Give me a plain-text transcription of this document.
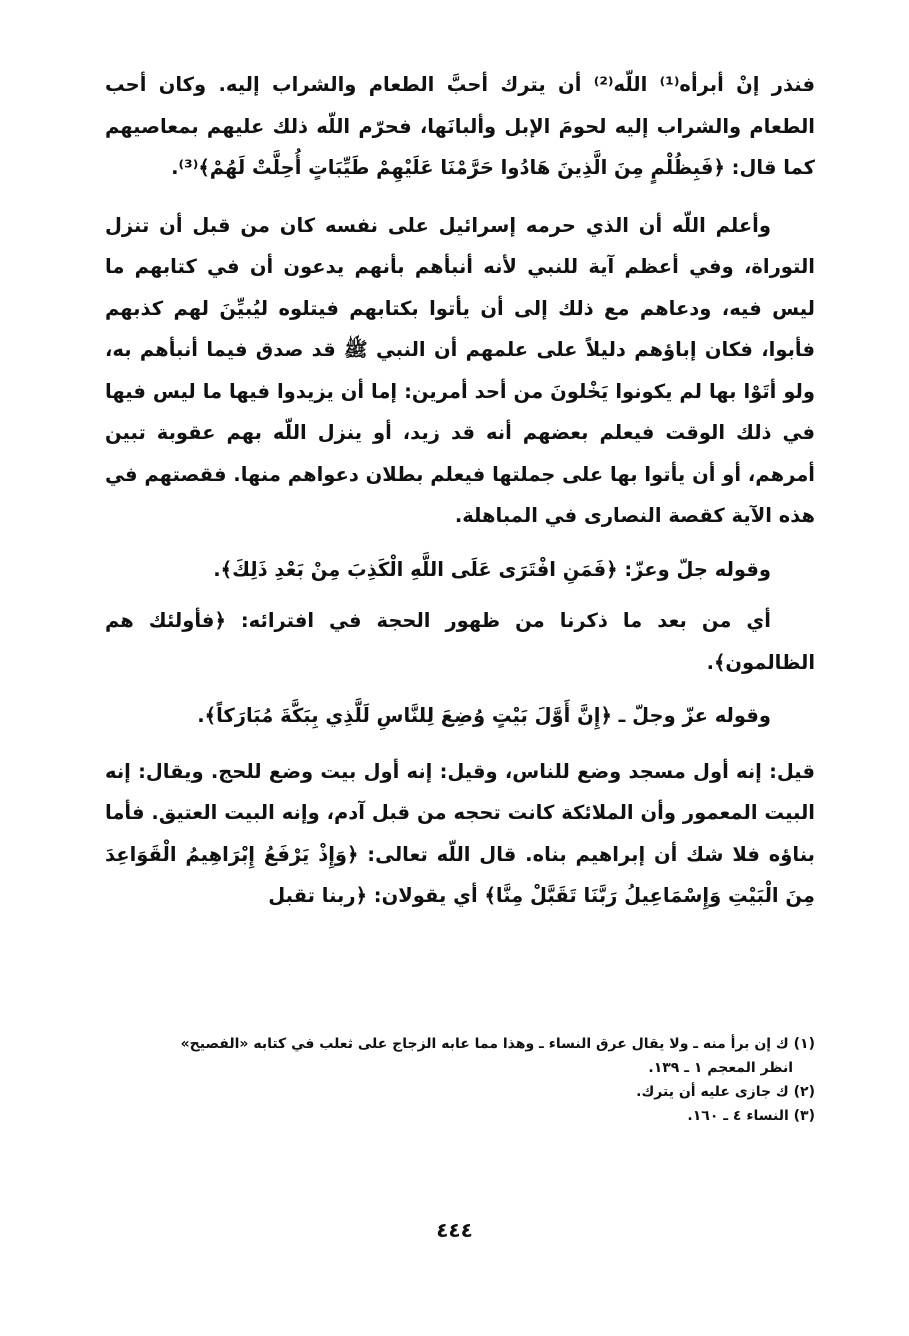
فنذر إنْ أبرأه⁽¹⁾ اللّه⁽²⁾ أن يترك أحبَّ الطعام والشراب إليه. وكان أحب الطعام والشراب إليه لحومَ الإبل وألبانَها، فحرّم اللّه ذلك عليهم بمعاصيهم كما قال: ﴿فَبِظُلْمٍ مِنَ الَّذِينَ هَادُوا حَرَّمْنَا عَلَيْهِمْ طَيِّبَاتٍ أُحِلَّتْ لَهُمْ﴾⁽³⁾.

وأعلم اللّه أن الذي حرمه إسرائيل على نفسه كان من قبل أن تنزل التوراة، وفي أعظم آية للنبي لأنه أنبأهم بأنهم يدعون أن في كتابهم ما ليس فيه، ودعاهم مع ذلك إلى أن يأتوا بكتابهم فيتلوه ليُبيِّنَ لهم كذبهم فأبوا، فكان إباؤهم دليلاً على علمهم أن النبي ﷺ قد صدق فيما أنبأهم به، ولو أتَوْا بها لم يكونوا يَخْلونَ من أحد أمرين: إما أن يزيدوا فيها ما ليس فيها في ذلك الوقت فيعلم بعضهم أنه قد زيد، أو ينزل اللّه بهم عقوبة تبين أمرهم، أو أن يأتوا بها على جملتها فيعلم بطلان دعواهم منها. فقصتهم في هذه الآية كقصة النصارى في المباهلة.

وقوله جلّ وعزّ: ﴿فَمَنِ افْتَرَى عَلَى اللَّهِ الْكَذِبَ مِنْ بَعْدِ ذَلِكَ﴾.

أي من بعد ما ذكرنا من ظهور الحجة في افترائه: ﴿فأولئك هم الظالمون﴾.

وقوله عزّ وجلّ ـ ﴿إِنَّ أَوَّلَ بَيْتٍ وُضِعَ لِلنَّاسِ لَلَّذِي بِبَكَّةَ مُبَارَكاً﴾.

قيل: إنه أول مسجد وضع للناس، وقيل: إنه أول بيت وضع للحج. ويقال: إنه البيت المعمور وأن الملائكة كانت تحجه من قبل آدم، وإنه البيت العتيق. فأما بناؤه فلا شك أن إبراهيم بناه. قال اللّه تعالى: ﴿وَإِذْ يَرْفَعُ إِبْرَاهِيمُ الْقَوَاعِدَ مِنَ الْبَيْتِ وَإِسْمَاعِيلُ رَبَّنَا تَقَبَّلْ مِنَّا﴾ أي يقولان: ﴿ربنا تقبل

(١) ك إن برأ منه ـ ولا يقال عرق النساء ـ وهذا مما عابه الزجاج على ثعلب في كتابه «الفصيح»

انظر المعجم ١ ـ ١٣٩.

(٢) ك جازى عليه أن يترك.

(٣) النساء ٤ ـ ١٦٠.

٤٤٤
